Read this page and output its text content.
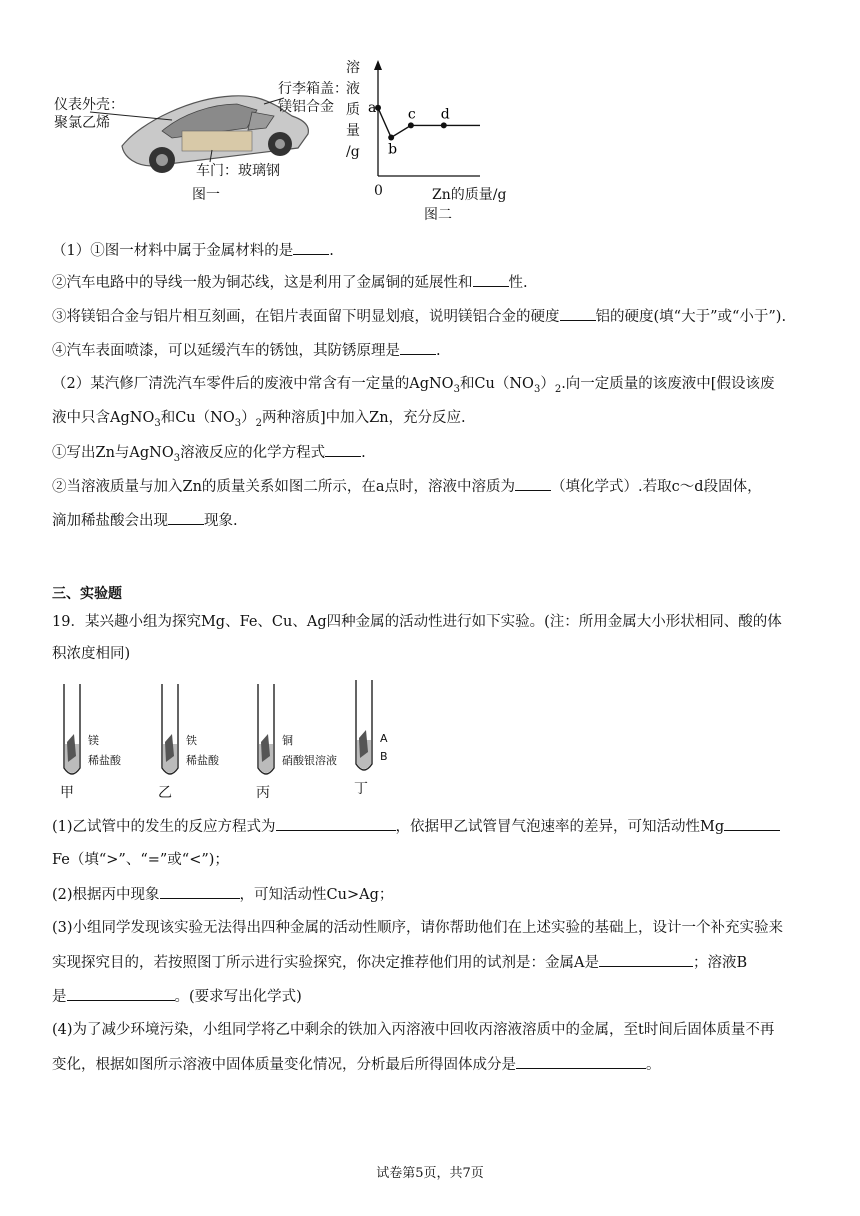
仪表外壳：
聚氯乙烯
行李箱盖：
镁铝合金
车门：玻璃钢
图一
溶
液
质
量
/g
a
b
c d
0	Zn的质量/g
图二
（1）①图一材料中属于金属材料的是 .
②汽车电路中的导线一般为铜芯线，这是利用了金属铜的延展性和 性.
③将镁铝合金与铝片相互刻画，在铝片表面留下明显划痕，说明镁铝合金的硬度 铝的硬度(填“大于”或“小于”).
④汽车表面喷漆，可以延缓汽车的锈蚀，其防锈原理是 .
（2）某汽修厂清洗汽车零件后的废液中常含有一定量的AgNO$_3$和$Cu(NO_3)_2$.向一定质量的该废液中[假设该废
液中只含AgNO$_3$和$Cu(NO_3)_2$两种溶质]中加入Zn，充分反应.
①写出Zn与AgNO$_3$溶液反应的化学方程式 .
②当溶液质量与加入Zn的质量关系如图二所示，在a点时，溶液中溶质为 （填化学式）.若取c～d段固体，
滴加稀盐酸会出现 现象.
三、实验题
19．某兴趣小组为探究Mg、Fe、Cu、Ag四种金属的活动性进行如下实验。(注：所用金属大小形状相同、酸的体
积浓度相同)
镁
稀盐酸
甲
铁
稀盐酸
乙
铜
硝酸银溶液
丙
A
B
丁
(1)乙试管中的发生的反应方程式为	，依据甲乙试管冒气泡速率的差异，可知活动性Mg
Fe（填“>”、“=”或“<”)；
(2)根据丙中现象	，可知活动性Cu>Ag；
(3)小组同学发现该实验无法得出四种金属的活动性顺序，请你帮助他们在上述实验的基础上，设计一个补充实验来
实现探究目的，若按照图丁所示进行实验探究，你决定推荐他们用的试剂是：金属A是	；溶液B
是	。(要求写出化学式)
(4)为了减少环境污染，小组同学将乙中剩余的铁加入丙溶液中回收丙溶液溶质中的金属，至t时间后固体质量不再
变化，根据如图所示溶液中固体质量变化情况，分析最后所得固体成分是	。
试卷第5页，共7页
